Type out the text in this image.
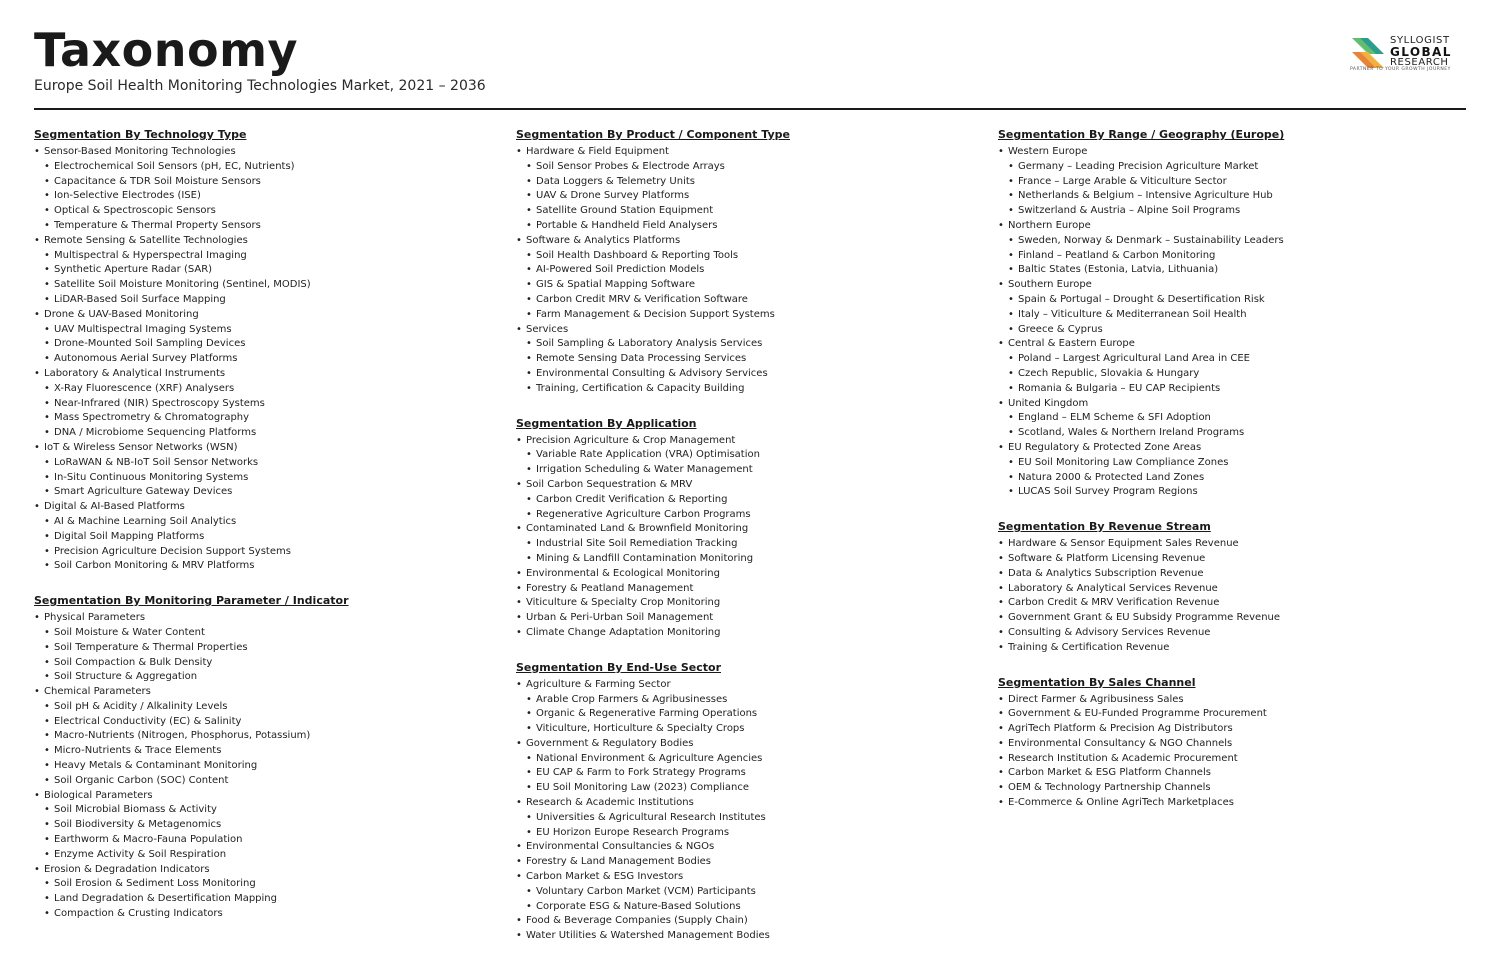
Taxonomy
Europe Soil Health Monitoring Technologies Market, 2021 – 2036
SYLLOGIST
GLOBAL
RESEARCH
PARTNER TO YOUR GROWTH JOURNEY
Segmentation By Technology Type
• Sensor-Based Monitoring Technologies
• Electrochemical Soil Sensors (pH, EC, Nutrients)
• Capacitance & TDR Soil Moisture Sensors
• Ion-Selective Electrodes (ISE)
• Optical & Spectroscopic Sensors
• Temperature & Thermal Property Sensors
• Remote Sensing & Satellite Technologies
• Multispectral & Hyperspectral Imaging
• Synthetic Aperture Radar (SAR)
• Satellite Soil Moisture Monitoring (Sentinel, MODIS)
• LiDAR-Based Soil Surface Mapping
• Drone & UAV-Based Monitoring
• UAV Multispectral Imaging Systems
• Drone-Mounted Soil Sampling Devices
• Autonomous Aerial Survey Platforms
• Laboratory & Analytical Instruments
• X-Ray Fluorescence (XRF) Analysers
• Near-Infrared (NIR) Spectroscopy Systems
• Mass Spectrometry & Chromatography
• DNA / Microbiome Sequencing Platforms
• IoT & Wireless Sensor Networks (WSN)
• LoRaWAN & NB-IoT Soil Sensor Networks
• In-Situ Continuous Monitoring Systems
• Smart Agriculture Gateway Devices
• Digital & AI-Based Platforms
• AI & Machine Learning Soil Analytics
• Digital Soil Mapping Platforms
• Precision Agriculture Decision Support Systems
• Soil Carbon Monitoring & MRV Platforms
Segmentation By Monitoring Parameter / Indicator
• Physical Parameters
• Soil Moisture & Water Content
• Soil Temperature & Thermal Properties
• Soil Compaction & Bulk Density
• Soil Structure & Aggregation
• Chemical Parameters
• Soil pH & Acidity / Alkalinity Levels
• Electrical Conductivity (EC) & Salinity
• Macro-Nutrients (Nitrogen, Phosphorus, Potassium)
• Micro-Nutrients & Trace Elements
• Heavy Metals & Contaminant Monitoring
• Soil Organic Carbon (SOC) Content
• Biological Parameters
• Soil Microbial Biomass & Activity
• Soil Biodiversity & Metagenomics
• Earthworm & Macro-Fauna Population
• Enzyme Activity & Soil Respiration
• Erosion & Degradation Indicators
• Soil Erosion & Sediment Loss Monitoring
• Land Degradation & Desertification Mapping
• Compaction & Crusting Indicators
Segmentation By Product / Component Type
• Hardware & Field Equipment
• Soil Sensor Probes & Electrode Arrays
• Data Loggers & Telemetry Units
• UAV & Drone Survey Platforms
• Satellite Ground Station Equipment
• Portable & Handheld Field Analysers
• Software & Analytics Platforms
• Soil Health Dashboard & Reporting Tools
• AI-Powered Soil Prediction Models
• GIS & Spatial Mapping Software
• Carbon Credit MRV & Verification Software
• Farm Management & Decision Support Systems
• Services
• Soil Sampling & Laboratory Analysis Services
• Remote Sensing Data Processing Services
• Environmental Consulting & Advisory Services
• Training, Certification & Capacity Building
Segmentation By Application
• Precision Agriculture & Crop Management
• Variable Rate Application (VRA) Optimisation
• Irrigation Scheduling & Water Management
• Soil Carbon Sequestration & MRV
• Carbon Credit Verification & Reporting
• Regenerative Agriculture Carbon Programs
• Contaminated Land & Brownfield Monitoring
• Industrial Site Soil Remediation Tracking
• Mining & Landfill Contamination Monitoring
• Environmental & Ecological Monitoring
• Forestry & Peatland Management
• Viticulture & Specialty Crop Monitoring
• Urban & Peri-Urban Soil Management
• Climate Change Adaptation Monitoring
Segmentation By End-Use Sector
• Agriculture & Farming Sector
• Arable Crop Farmers & Agribusinesses
• Organic & Regenerative Farming Operations
• Viticulture, Horticulture & Specialty Crops
• Government & Regulatory Bodies
• National Environment & Agriculture Agencies
• EU CAP & Farm to Fork Strategy Programs
• EU Soil Monitoring Law (2023) Compliance
• Research & Academic Institutions
• Universities & Agricultural Research Institutes
• EU Horizon Europe Research Programs
• Environmental Consultancies & NGOs
• Forestry & Land Management Bodies
• Carbon Market & ESG Investors
• Voluntary Carbon Market (VCM) Participants
• Corporate ESG & Nature-Based Solutions
• Food & Beverage Companies (Supply Chain)
• Water Utilities & Watershed Management Bodies
Segmentation By Range / Geography (Europe)
• Western Europe
• Germany – Leading Precision Agriculture Market
• France – Large Arable & Viticulture Sector
• Netherlands & Belgium – Intensive Agriculture Hub
• Switzerland & Austria – Alpine Soil Programs
• Northern Europe
• Sweden, Norway & Denmark – Sustainability Leaders
• Finland – Peatland & Carbon Monitoring
• Baltic States (Estonia, Latvia, Lithuania)
• Southern Europe
• Spain & Portugal – Drought & Desertification Risk
• Italy – Viticulture & Mediterranean Soil Health
• Greece & Cyprus
• Central & Eastern Europe
• Poland – Largest Agricultural Land Area in CEE
• Czech Republic, Slovakia & Hungary
• Romania & Bulgaria – EU CAP Recipients
• United Kingdom
• England – ELM Scheme & SFI Adoption
• Scotland, Wales & Northern Ireland Programs
• EU Regulatory & Protected Zone Areas
• EU Soil Monitoring Law Compliance Zones
• Natura 2000 & Protected Land Zones
• LUCAS Soil Survey Program Regions
Segmentation By Revenue Stream
• Hardware & Sensor Equipment Sales Revenue
• Software & Platform Licensing Revenue
• Data & Analytics Subscription Revenue
• Laboratory & Analytical Services Revenue
• Carbon Credit & MRV Verification Revenue
• Government Grant & EU Subsidy Programme Revenue
• Consulting & Advisory Services Revenue
• Training & Certification Revenue
Segmentation By Sales Channel
• Direct Farmer & Agribusiness Sales
• Government & EU-Funded Programme Procurement
• AgriTech Platform & Precision Ag Distributors
• Environmental Consultancy & NGO Channels
• Research Institution & Academic Procurement
• Carbon Market & ESG Platform Channels
• OEM & Technology Partnership Channels
• E-Commerce & Online AgriTech Marketplaces
